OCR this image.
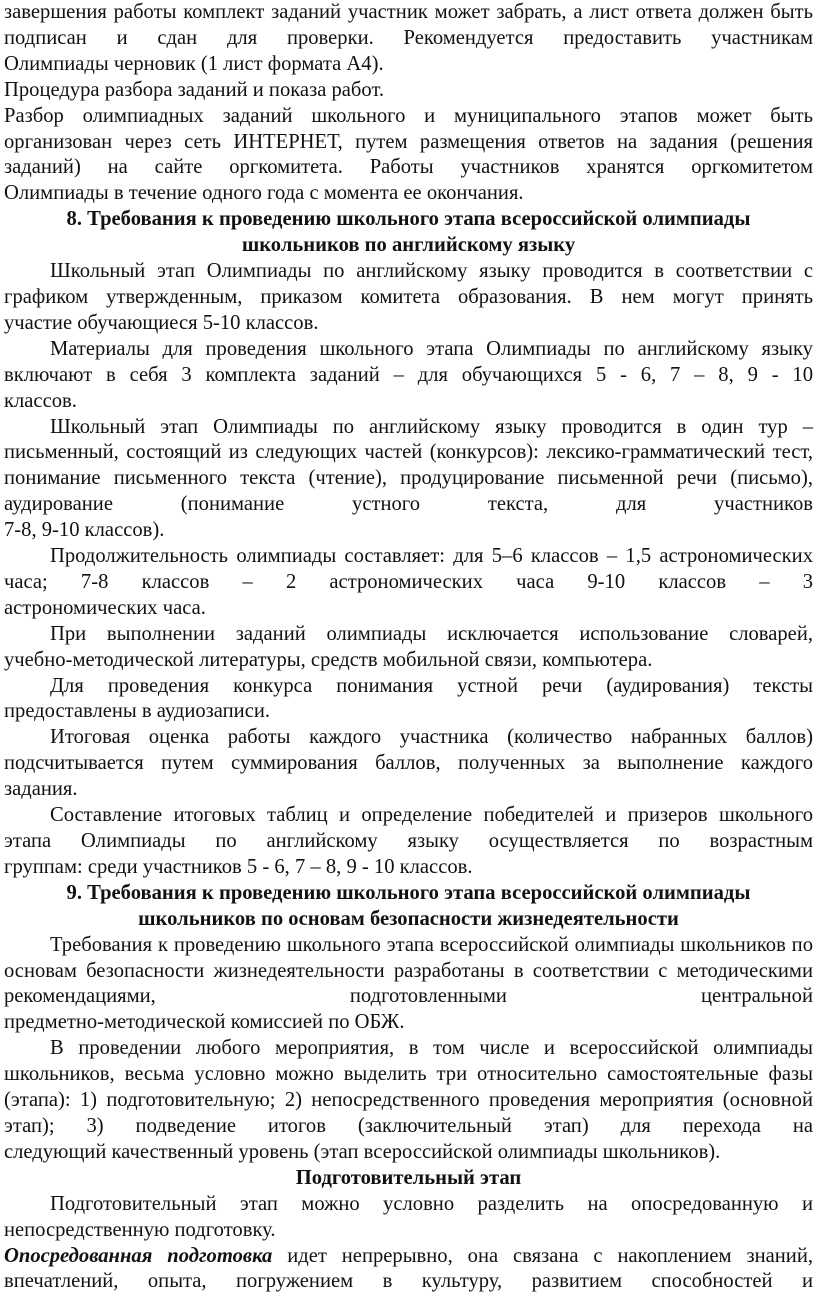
завершения работы комплект заданий участник может забрать, а лист ответа должен быть подписан и сдан для проверки. Рекомендуется предоставить участникам

Олимпиады черновик (1 лист формата А4).

Процедура разбора заданий и показа работ.

Разбор олимпиадных заданий школьного и муниципального этапов может быть организован через сеть ИНТЕРНЕТ, путем размещения ответов на задания (решения заданий) на сайте оргкомитета. Работы участников хранятся оргкомитетом

Олимпиады в течение одного года с момента ее окончания.

8. Требования к проведению школьного этапа всероссийской олимпиады
школьников по английскому языку

Школьный этап Олимпиады по английскому языку проводится в соответствии с графиком утвержденным, приказом комитета образования. В нем могут принять

участие обучающиеся 5-10 классов.

Материалы для проведения школьного этапа Олимпиады по английскому языку включают в себя 3 комплекта заданий – для обучающихся 5 - 6, 7 – 8, 9 - 10

классов.

Школьный этап Олимпиады по английскому языку проводится в один тур – письменный, состоящий из следующих частей (конкурсов): лексико-грамматический тест, понимание письменного текста (чтение), продуцирование письменной речи (письмо), аудирование (понимание устного текста, для участников

7-8, 9-10 классов).

Продолжительность олимпиады составляет: для 5–6 классов – 1,5 астрономических часа; 7-8 классов – 2 астрономических часа 9-10 классов – 3

астрономических часа.

При выполнении заданий олимпиады исключается использование словарей,

учебно-методической литературы, средств мобильной связи, компьютера.

Для проведения конкурса понимания устной речи (аудирования) тексты

предоставлены в аудиозаписи.

Итоговая оценка работы каждого участника (количество набранных баллов) подсчитывается путем суммирования баллов, полученных за выполнение каждого

задания.

Составление итоговых таблиц и определение победителей и призеров школьного этапа Олимпиады по английскому языку осуществляется по возрастным

группам: среди участников 5 - 6, 7 – 8, 9 - 10 классов.

9. Требования к проведению школьного этапа всероссийской олимпиады
школьников по основам безопасности жизнедеятельности

Требования к проведению школьного этапа всероссийской олимпиады школьников по основам безопасности жизнедеятельности разработаны в соответствии с методическими рекомендациями, подготовленными центральной

предметно-методической комиссией по ОБЖ.

В проведении любого мероприятия, в том числе и всероссийской олимпиады школьников, весьма условно можно выделить три относительно самостоятельные фазы (этапа): 1) подготовительную; 2) непосредственного проведения мероприятия (основной этап); 3) подведение итогов (заключительный этап) для перехода на

следующий качественный уровень (этап всероссийской олимпиады школьников).

Подготовительный этап

Подготовительный этап можно условно разделить на опосредованную и

непосредственную подготовку.

Опосредованная подготовка идет непрерывно, она связана с накоплением знаний, впечатлений, опыта, погружением в культуру, развитием способностей и
